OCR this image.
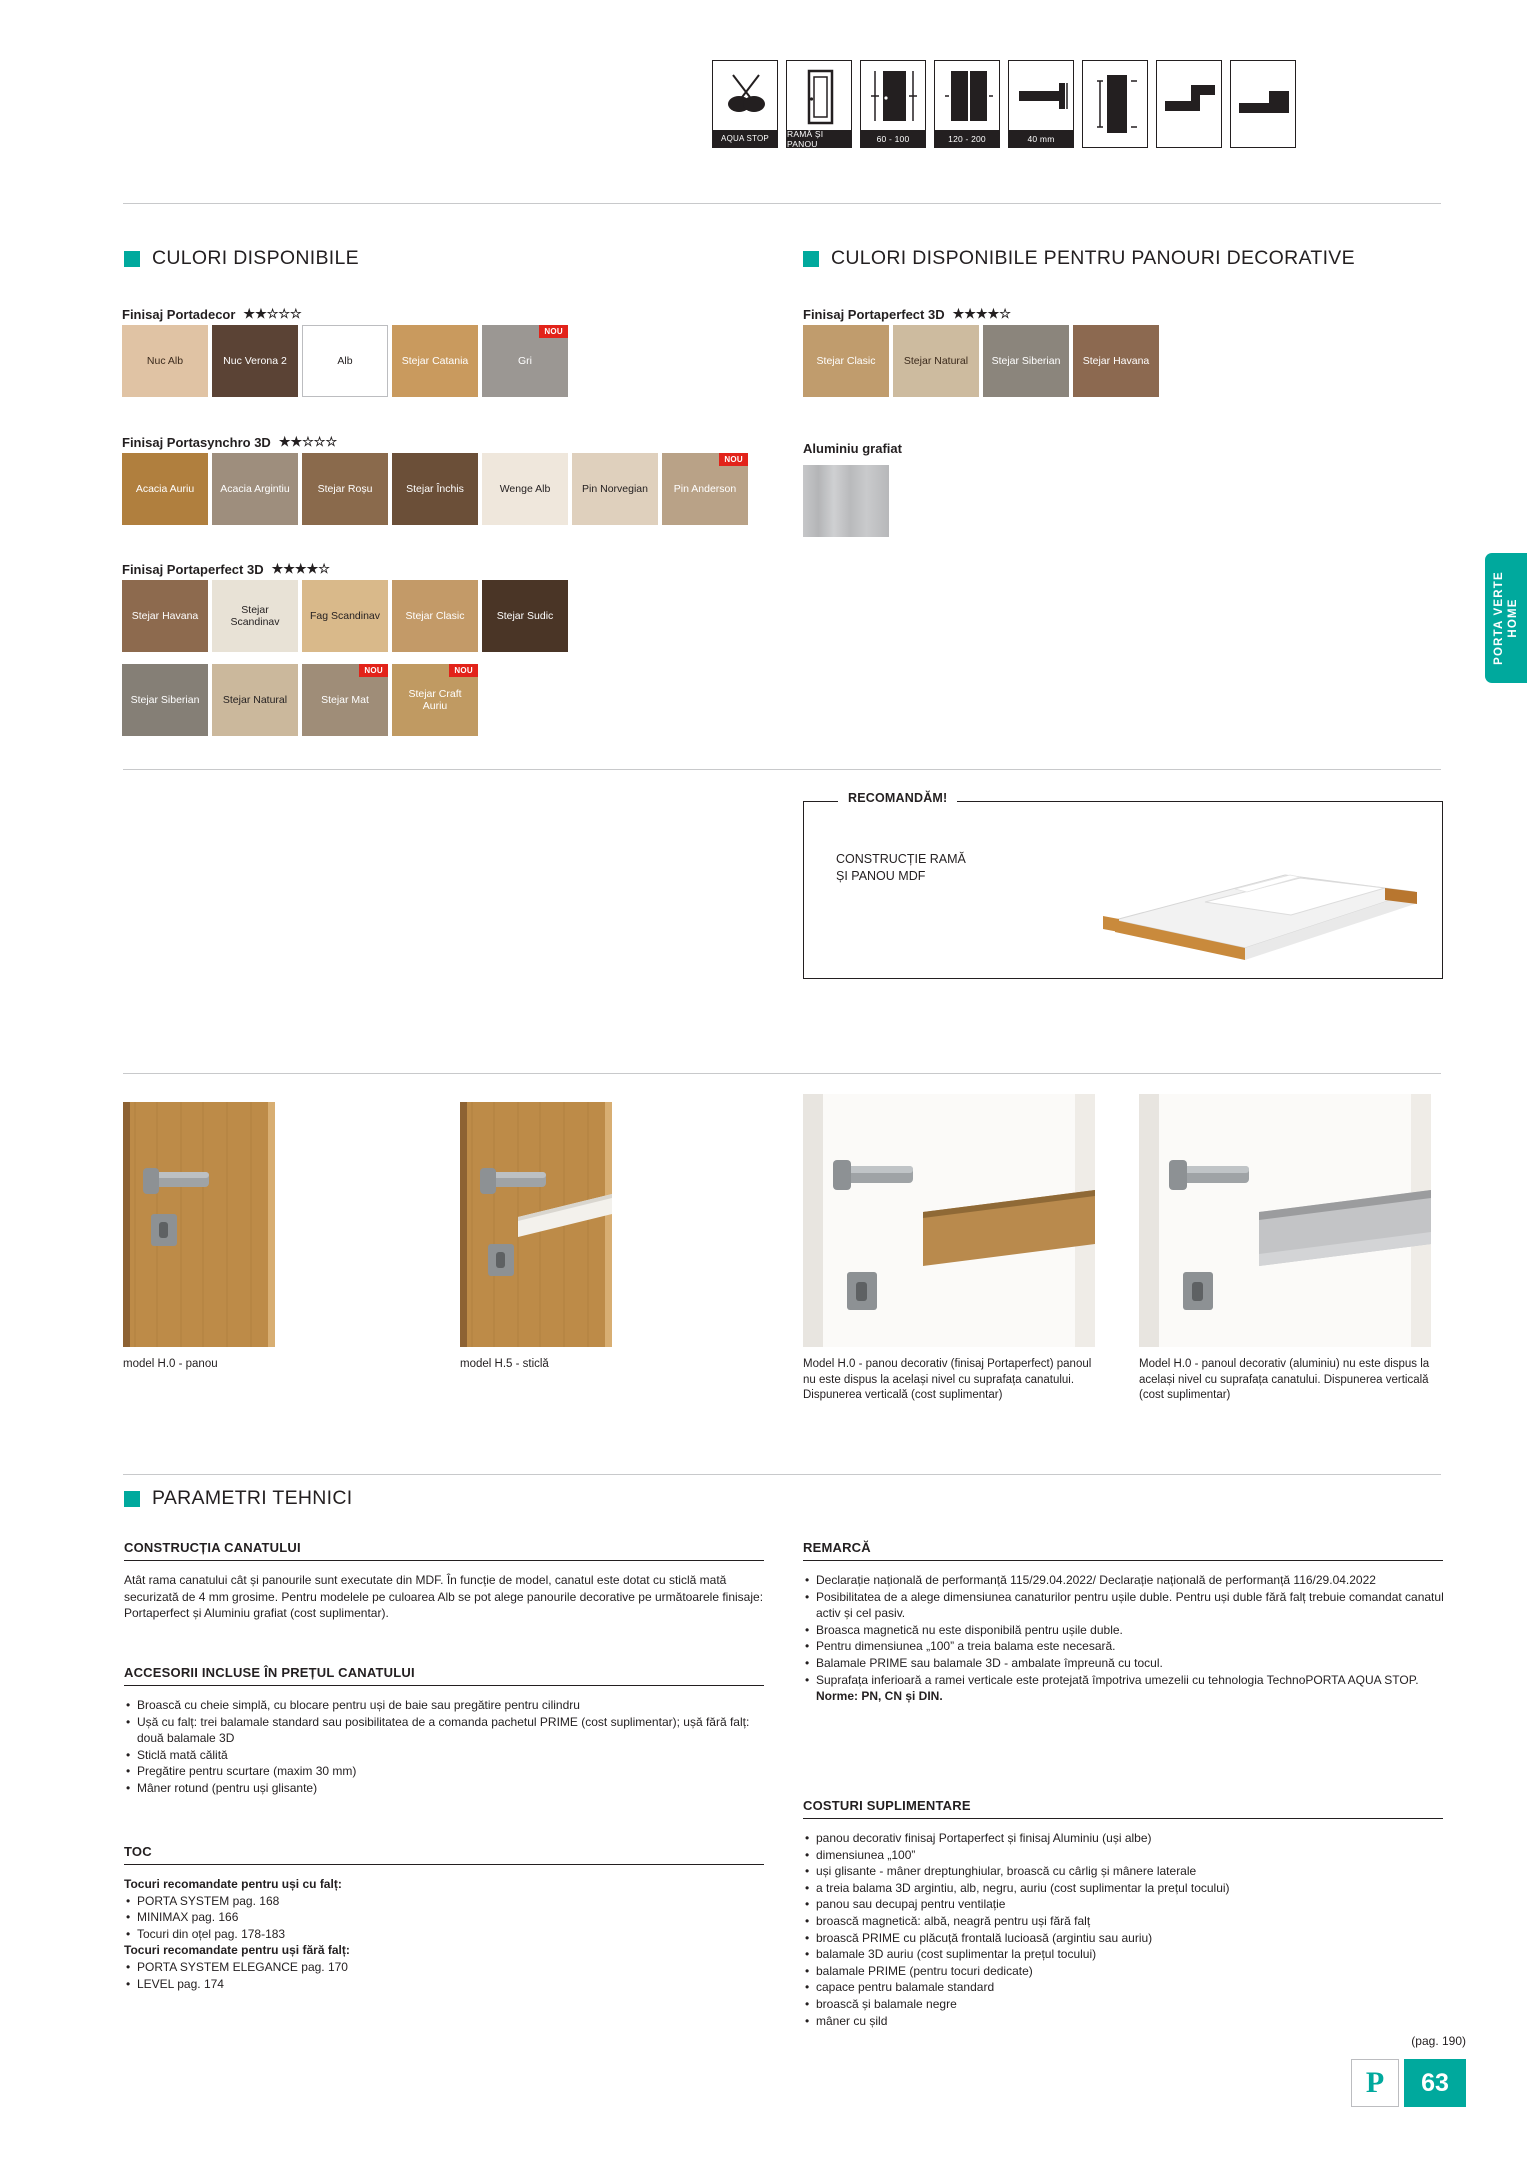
AQUA STOP	RAMĂ ȘI PANOU	60 - 100	120 - 200	40 mm
CULORI DISPONIBILE	CULORI DISPONIBILE PENTRU PANOURI DECORATIVE
PARAMETRI TEHNICI
Finisaj Portadecor ★★☆☆☆
Nuc Alb	Nuc Verona 2	Alb	Stejar Catania
NOU
Gri
Finisaj Portasynchro 3D ★★☆☆☆
Acacia Auriu	Acacia Argintiu	Stejar Roșu	Stejar Închis	Wenge Alb	Pin Norvegian
NOU
Pin Anderson
Finisaj Portaperfect 3D ★★★★☆
Stejar Havana	Stejar Scandinav	Fag Scandinav	Stejar Clasic	Stejar Sudic
Stejar Siberian	Stejar Natural
NOU
Stejar Mat
NOU
Stejar Craft Auriu
Finisaj Portaperfect 3D ★★★★☆
Stejar Clasic	Stejar Natural	Stejar Siberian	Stejar Havana
Aluminiu grafiat
PORTA VERTE HOME
RECOMANDĂM!
CONSTRUCȚIE RAMĂ
ȘI PANOU MDF
model H.0 - panou	model H.5 - sticlă	Model H.0 - panou decorativ (finisaj Portaperfect) panoul nu este dispus la același nivel cu suprafața canatului. Dispunerea verticală (cost suplimentar)
Model H.0 - panoul decorativ (aluminiu) nu este dispus la același nivel cu suprafața canatului. Dispunerea verticală (cost suplimentar)
CONSTRUCȚIA CANATULUI
Atât rama canatului cât și panourile sunt executate din MDF. În funcție de model, canatul este dotat cu sticlă mată securizată de 4 mm grosime. Pentru modelele pe culoarea Alb se pot alege panourile decorative pe următoarele finisaje: Portaperfect și Aluminiu grafiat (cost suplimentar).
ACCESORII INCLUSE ÎN PREȚUL CANATULUI
• Broască cu cheie simplă, cu blocare pentru uși de baie sau pregătire pentru cilindru
• Ușă cu falț: trei balamale standard sau posibilitatea de a comanda pachetul PRIME (cost suplimentar); ușă fără falț: două balamale 3D
• Sticlă mată călită
• Pregătire pentru scurtare (maxim 30 mm)
• Mâner rotund (pentru uși glisante)
TOC
Tocuri recomandate pentru uși cu falț:
• PORTA SYSTEM pag. 168
• MINIMAX pag. 166
• Tocuri din oțel pag. 178-183
Tocuri recomandate pentru uși fără falț:
• PORTA SYSTEM ELEGANCE pag. 170
• LEVEL pag. 174
REMARCĂ
• Declarație națională de performanță 115/29.04.2022/ Declarație națională de performanță 116/29.04.2022
• Posibilitatea de a alege dimensiunea canaturilor pentru ușile duble. Pentru uși duble fără falț trebuie comandat canatul activ și cel pasiv.
• Broasca magnetică nu este disponibilă pentru ușile duble.
• Pentru dimensiunea „100” a treia balama este necesară.
• Balamale PRIME sau balamale 3D - ambalate împreună cu tocul.
• Suprafața inferioară a ramei verticale este protejată împotriva umezelii cu tehnologia TechnoPORTA AQUA STOP.
Norme: PN, CN și DIN.
COSTURI SUPLIMENTARE
• panou decorativ finisaj Portaperfect și finisaj Aluminiu (uși albe)
• dimensiunea „100”
• uși glisante - mâner dreptunghiular, broască cu cârlig și mânere laterale
• a treia balama 3D argintiu, alb, negru, auriu (cost suplimentar la prețul tocului)
• panou sau decupaj pentru ventilație
• broască magnetică: albă, neagră pentru uși fără falț
• broască PRIME cu plăcuță frontală lucioasă (argintiu sau auriu)
• balamale 3D auriu (cost suplimentar la prețul tocului)
• balamale PRIME (pentru tocuri dedicate)
• capace pentru balamale standard
• broască și balamale negre
• mâner cu șild
(pag. 190)
P	63
